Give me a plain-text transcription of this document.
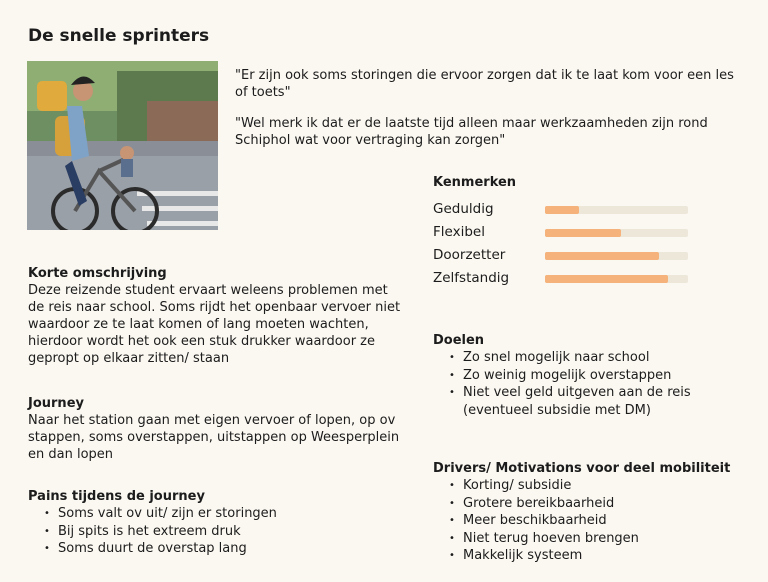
De snelle sprinters

"Er zijn ook soms storingen die ervoor zorgen dat ik te laat kom voor een les of toets"

"Wel merk ik dat er de laatste tijd alleen maar werkzaamheden zijn rond Schiphol wat voor vertraging kan zorgen"

Kenmerken

Geduldig
Flexibel
Doorzetter
Zelfstandig

Korte omschrijving

Deze reizende student ervaart weleens problemen met de reis naar school. Soms rijdt het openbaar vervoer niet waardoor ze te laat komen of lang moeten wachten, hierdoor wordt het ook een stuk drukker waardoor ze gepropt op elkaar zitten/ staan

Doelen

• Zo snel mogelijk naar school
• Zo weinig mogelijk overstappen
• Niet veel geld uitgeven aan de reis (eventueel subsidie met DM)

Journey

Naar het station gaan met eigen vervoer of lopen, op ov stappen, soms overstappen, uitstappen op Weesperplein en dan lopen

Drivers/ Motivations voor deel mobiliteit

• Korting/ subsidie
• Grotere bereikbaarheid
• Meer beschikbaarheid
• Niet terug hoeven brengen
• Makkelijk systeem

Pains tijdens de journey

• Soms valt ov uit/ zijn er storingen
• Bij spits is het extreem druk
• Soms duurt de overstap lang
